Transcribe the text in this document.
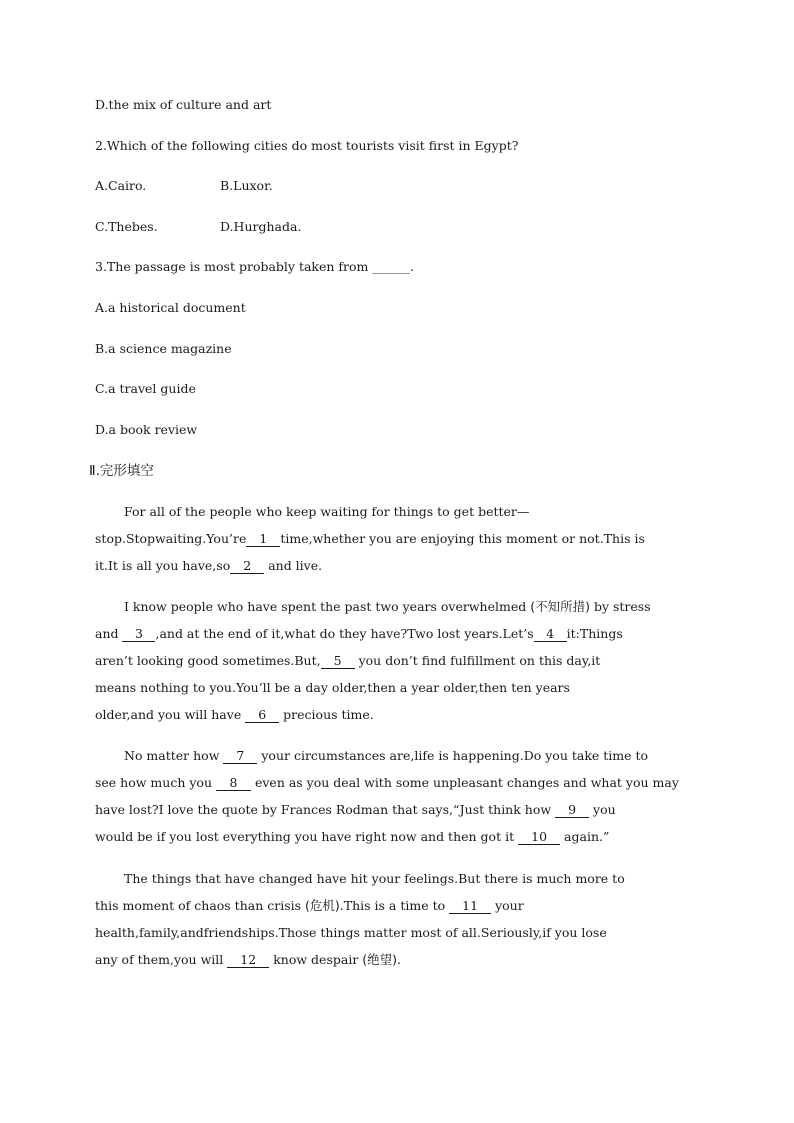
D.the mix of culture and art
2.Which of the following cities do most tourists visit first in Egypt?
A.Cairo.	B.Luxor.
C.Thebes.	D.Hurghada.
3.The passage is most probably taken from ______.
A.a historical document
B.a science magazine
C.a travel guide
D.a book review
Ⅱ.完形填空
For all of the people who keep waiting for things to get better—
stop.Stopwaiting.You’re 1 time,whether you are enjoying this moment or not.This is
it.It is all you have,so 2 and live.
I know people who have spent the past two years overwhelmed (不知所措) by stress
and 3 ,and at the end of it,what do they have?Two lost years.Let’s 4 it:Things
aren’t looking good sometimes.But, 5 you don’t find fulfillment on this day,it
means nothing to you.You’ll be a day older,then a year older,then ten years
older,and you will have 6 precious time.
No matter how 7 your circumstances are,life is happening.Do you take time to
see how much you 8 even as you deal with some unpleasant changes and what you may
have lost?I love the quote by Frances Rodman that says,“Just think how 9 you
would be if you lost everything you have right now and then got it 10 again.”
The things that have changed have hit your feelings.But there is much more to
this moment of chaos than crisis (危机).This is a time to 11 your
health,family,andfriendships.Those things matter most of all.Seriously,if you lose
any of them,you will 12 know despair (绝望).
